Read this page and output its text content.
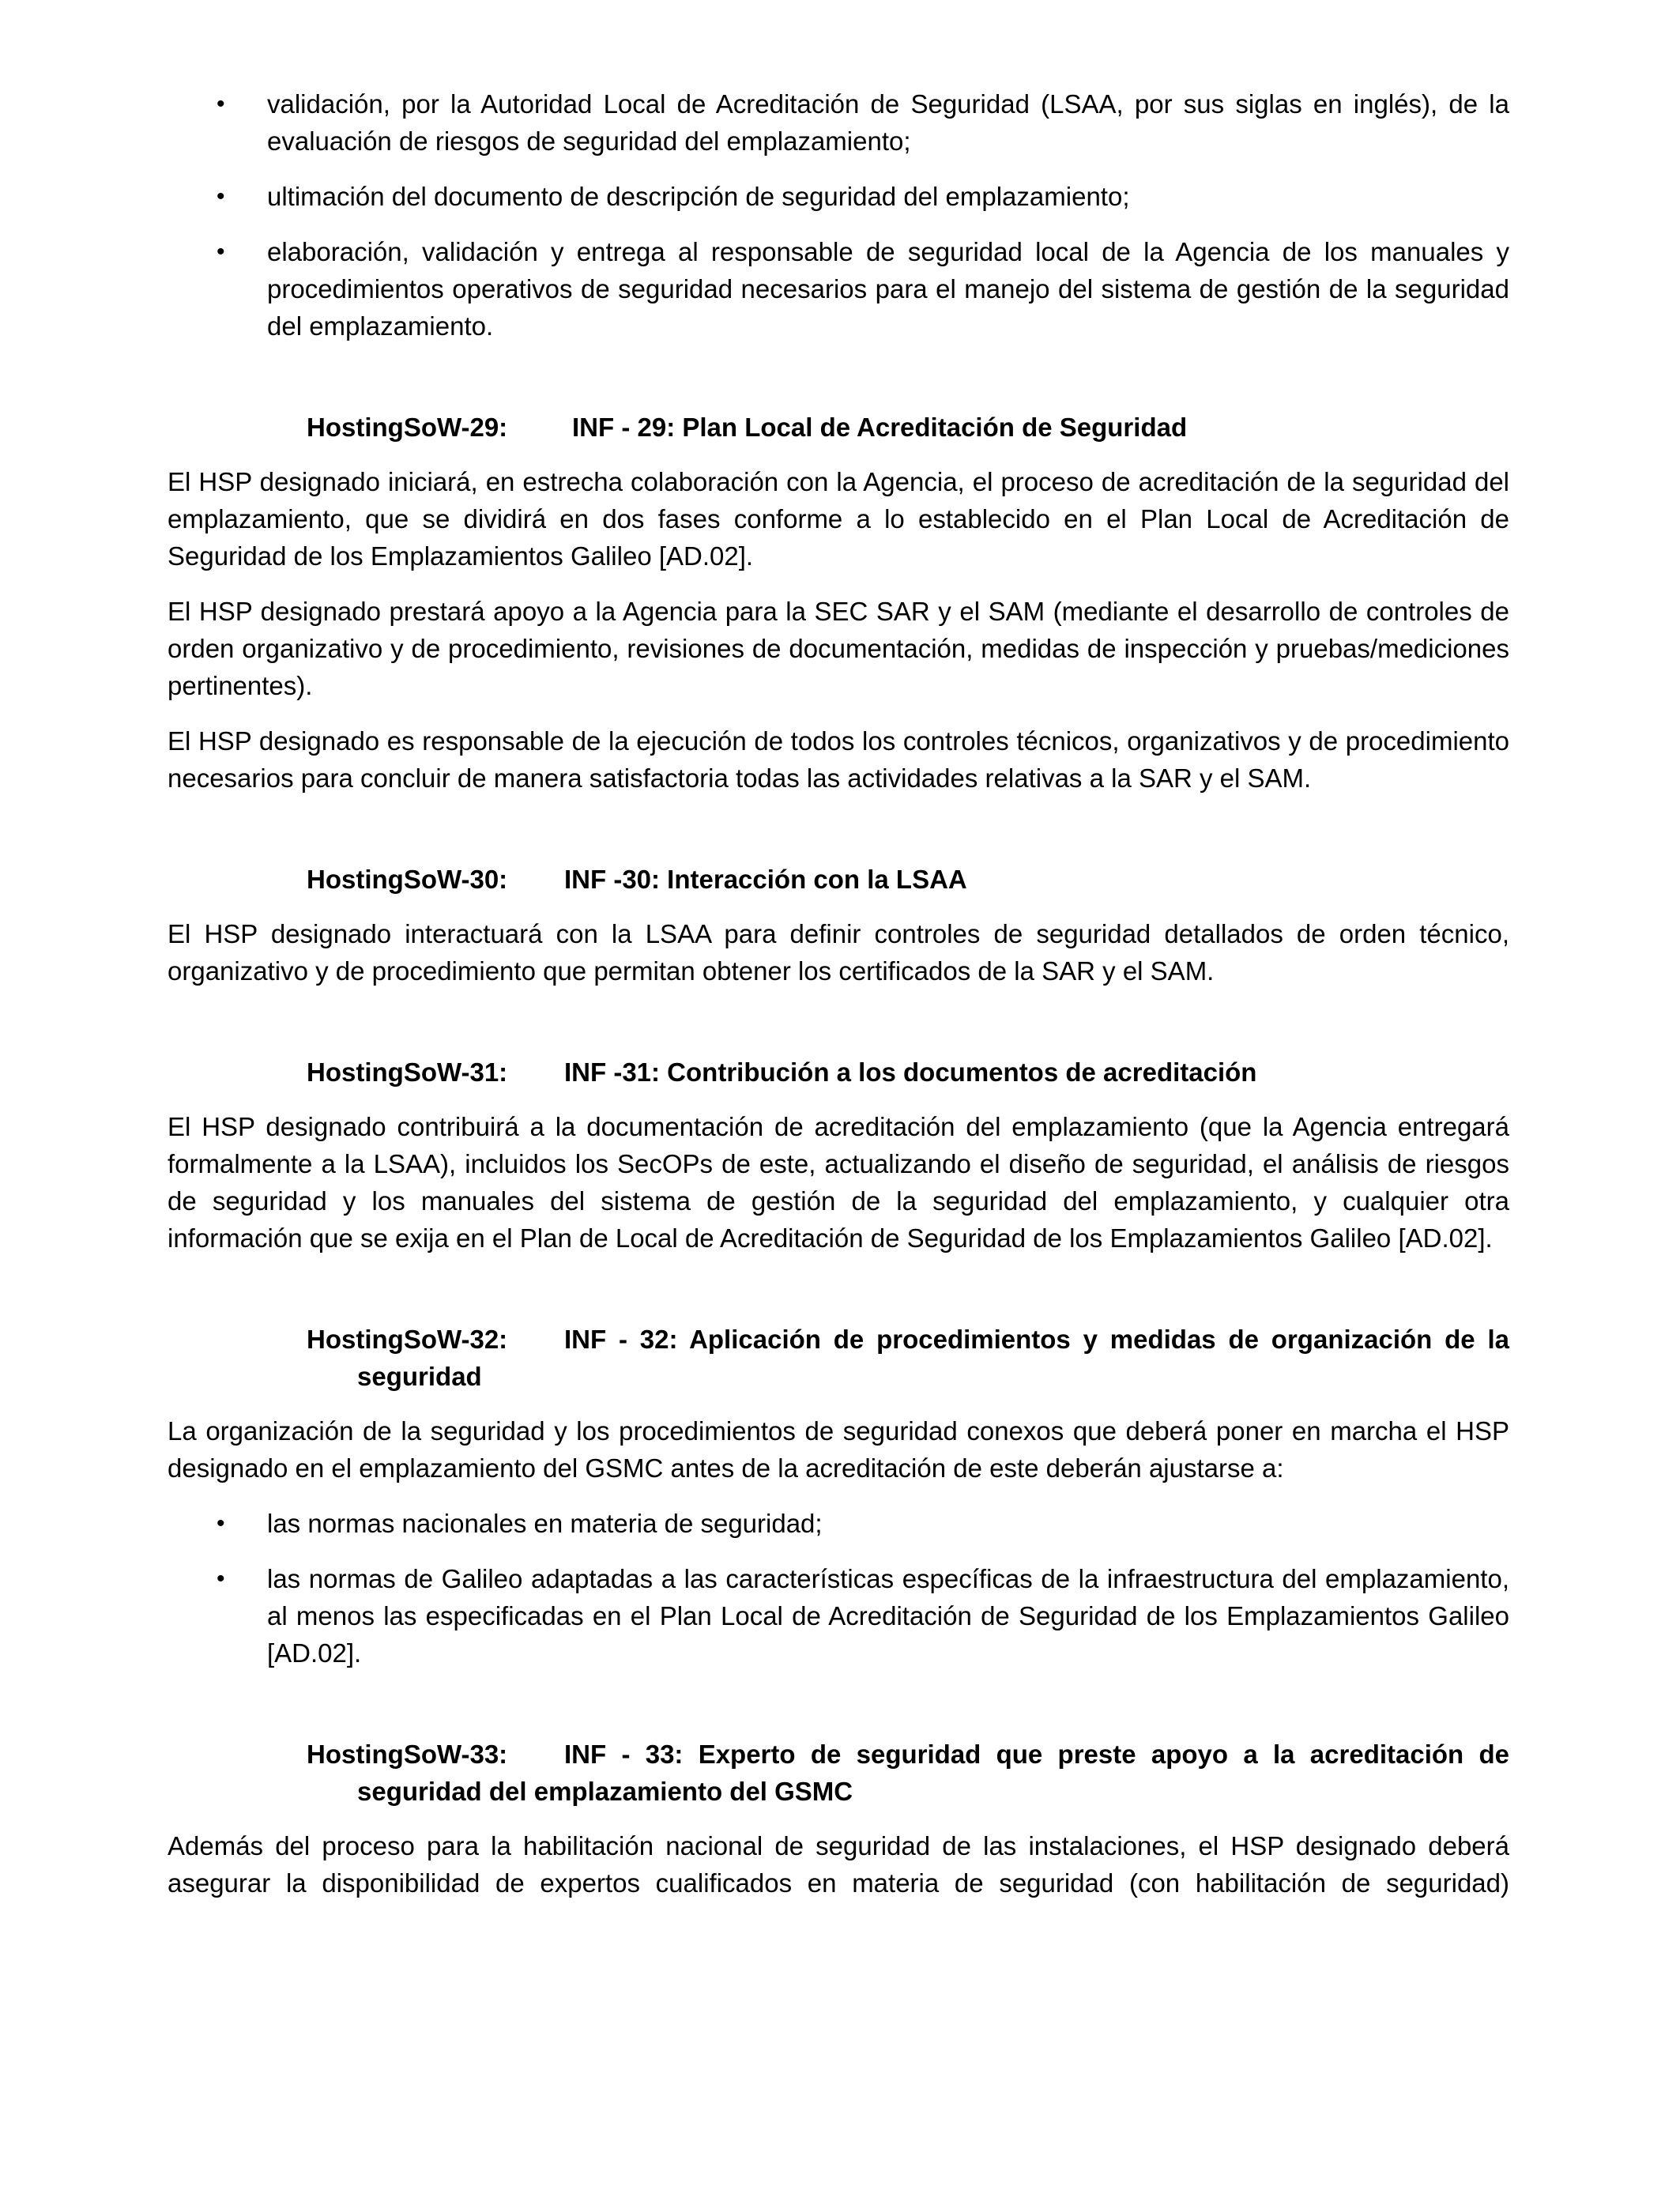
•	validación, por la Autoridad Local de Acreditación de Seguridad (LSAA, por sus siglas en inglés), de la evaluación de riesgos de seguridad del emplazamiento;
•	ultimación del documento de descripción de seguridad del emplazamiento;
•	elaboración, validación y entrega al responsable de seguridad local de la Agencia de los manuales y procedimientos operativos de seguridad necesarios para el manejo del sistema de gestión de la seguridad del emplazamiento.
HostingSoW-29: INF - 29: Plan Local de Acreditación de Seguridad

El HSP designado iniciará, en estrecha colaboración con la Agencia, el proceso de acreditación de la seguridad del emplazamiento, que se dividirá en dos fases conforme a lo establecido en el Plan Local de Acreditación de Seguridad de los Emplazamientos Galileo [AD.02].

El HSP designado prestará apoyo a la Agencia para la SEC SAR y el SAM (mediante el desarrollo de controles de orden organizativo y de procedimiento, revisiones de documentación, medidas de inspección y pruebas/mediciones pertinentes).

El HSP designado es responsable de la ejecución de todos los controles técnicos, organizativos y de procedimiento necesarios para concluir de manera satisfactoria todas las actividades relativas a la SAR y el SAM.

HostingSoW-30: INF -30: Interacción con la LSAA

El HSP designado interactuará con la LSAA para definir controles de seguridad detallados de orden técnico, organizativo y de procedimiento que permitan obtener los certificados de la SAR y el SAM.

HostingSoW-31: INF -31: Contribución a los documentos de acreditación

El HSP designado contribuirá a la documentación de acreditación del emplazamiento (que la Agencia entregará formalmente a la LSAA), incluidos los SecOPs de este, actualizando el diseño de seguridad, el análisis de riesgos de seguridad y los manuales del sistema de gestión de la seguridad del emplazamiento, y cualquier otra información que se exija en el Plan de Local de Acreditación de Seguridad de los Emplazamientos Galileo [AD.02].

HostingSoW-32: INF - 32: Aplicación de procedimientos y medidas de organización de la
seguridad

La organización de la seguridad y los procedimientos de seguridad conexos que deberá poner en marcha el HSP designado en el emplazamiento del GSMC antes de la acreditación de este deberán ajustarse a:

•	las normas nacionales en materia de seguridad;
•	las normas de Galileo adaptadas a las características específicas de la infraestructura del emplazamiento, al menos las especificadas en el Plan Local de Acreditación de Seguridad de los Emplazamientos Galileo [AD.02].
HostingSoW-33: INF - 33: Experto de seguridad que preste apoyo a la acreditación de
seguridad del emplazamiento del GSMC

Además del proceso para la habilitación nacional de seguridad de las instalaciones, el HSP designado deberá asegurar la disponibilidad de expertos cualificados en materia de seguridad (con habilitación de seguridad)
